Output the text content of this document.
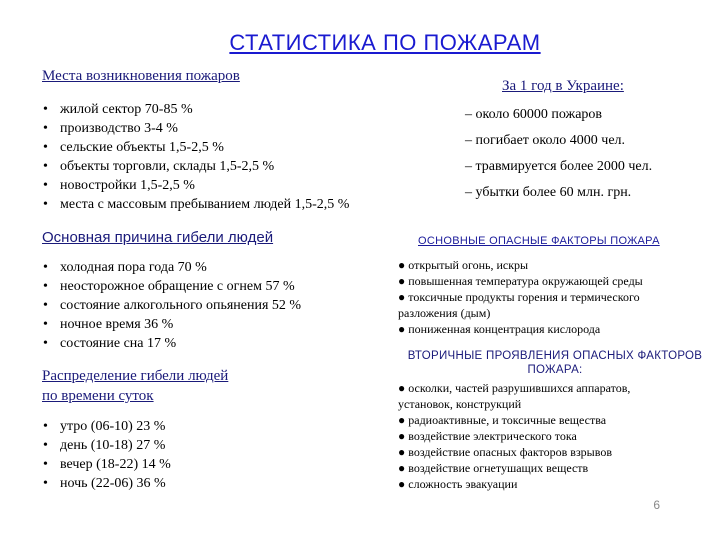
СТАТИСТИКА ПО ПОЖАРАМ
Места возникновения пожаров
• жилой сектор 70-85 %
• производство 3-4 %
• сельские объекты 1,5-2,5 %
• объекты торговли, склады 1,5-2,5 %
• новостройки 1,5-2,5 %
• места с массовым пребыванием людей 1,5-2,5 %
За 1 год в Украине:
– около 60000 пожаров
– погибает около 4000 чел.
– травмируется более 2000 чел.
– убытки более 60 млн. грн.
Основная причина гибели людей
• холодная пора года 70 %
• неосторожное обращение с огнем 57 %
• состояние алкогольного опьянения 52 %
• ночное время 36 %
• состояние сна 17 %
Распределение гибели людей
по времени суток
• утро (06-10) 23 %
• день (10-18) 27 %
• вечер (18-22) 14 %
• ночь (22-06) 36 %
ОСНОВНЫЕ ОПАСНЫЕ ФАКТОРЫ ПОЖАРА
● открытый огонь, искры
● повышенная температура окружающей среды
● токсичные продукты горения и термического
разложения (дым)
● пониженная концентрация кислорода
ВТОРИЧНЫЕ ПРОЯВЛЕНИЯ ОПАСНЫХ ФАКТОРОВ
ПОЖАРА:
● осколки, частей разрушившихся аппаратов,
установок, конструкций
● радиоактивные, и токсичные вещества
● воздействие электрического тока
● воздействие опасных факторов взрывов
● воздействие огнетушащих веществ
● сложность эвакуации
6
